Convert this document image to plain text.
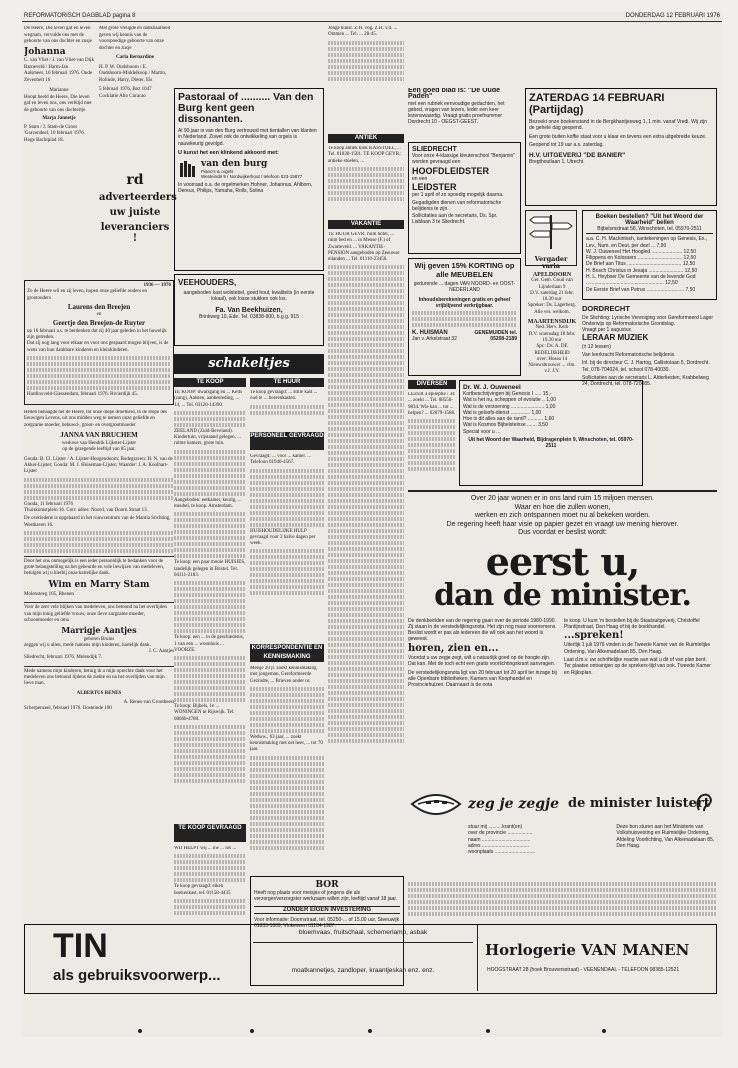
REFORMATORISCH DAGBLAD pagina 8	DONDERDAG 12 FEBRUARI 1976
De Heere, Die leven gaf en leven wegnam, vervulde ons met de geboorte van ons dochter en zusje
Johanna
C. van Vliet / J. van Vliet-van Dijk
Barneveld / Harm-Jan
Aalsmeer, 10 februari 1976. Oude Zevenbelt 16
Marianne
Hoopt beeld de Heere, Die leven gaf en leven ons, ons verblijd met de geboorte van ons dochtertje
Marja Jannetje
P. Stam / J. Stam-de Groot
'Gravendeel, 10 februari 1976. Hoge Bachtplad 18.
Met grote vreugde en dankbaarheid geven wij kennis van de voorspoedige geboorte van onze dochter en zusje
Carla Bernardine
H. P. W. Oudshoorn / E. Oudshoorn-Middelkoop / Martin, Rolinde, Harry, Dieter, Els
5 februari 1976, Boz 1047
Cocklatie Alto Curacao
rd
adverteerders
uw juiste
leveranciers !
1936 — 1976
Zo de Heere wil en zij leven, hopen onze geliefde ouders en grootouders
Laurens den Breejen
en
Geertje den Breejen-de Ruyter
op 16 februari a.s. te herdenken dat zij 40 jaar geleden in het huwelijk zijn getreden.
Dat zij nog lang voor elkaar en voor ons gespaard mogen blijven, is de wens van hun dankbare kinderen en kleinkinderen.
Hardinxveld-Giessendam, februari 1976. Rivierdijk 45.
Heden behaagde het de Heere, tot onze diepe droefheid, in de Hope des Eeuwigen Levens, uit ons midden weg te nemen onze geliefde en zorgzame moeder, behuwd-, groot- en overgrootmoeder
JANNA VAN BRUCHEM
weduwe van Hendrik Lijkster-Lijster
op de gezegende leeftijd van 85 jaar.
Gouda: B. Cl. Lijster / A. Lijster-Hoogendoorn; Bodegraven: H. N. van de Akker-Lijster; Gouda: M. J. Hoiseman-Lijster; Waarder: J. A. Koolhart-Lijster
Gouda, 11 februari 1976
Thuiskomstplein 16. Corr. adres: Noord, van Doorn Straat 13.
De overledene is opgebaard in het rouwcentrum van de Mantia Stichting, Westhaven 16.
Door het ons onmogelijk is een ieder persoonlijk te bedanken voor de grote belangstelling na het gebeurde en vele bewijzen van medeleven, betuigen wij u hierbij onze hartelijke dank.
Wim en Marry Stam
Molensteeg 105, Rhenen
Voor de zeer vele blijken van medeleven, ons betoond na het overlijden van mijn innig geliefde vrouw, onze lieve zorgzame moeder, schoonmoeder en oma
Marrigje Aantjes
geboren Bruins
zeggen wij u allen, mede namens mijn kinderen, hartelijk dank.
J. C. Aantjes
Sliedrecht, februari 1976. Molendijk 7.
Mede namens mijn kinderen, betuig ik u mijn oprechte dank voor het medeleven ons betoond tijdens de ziekte en na het overlijden van mijn lieve man.
ALBERTUS RENES
A. Renes-van Grootheest
Scherpenzeel, februari 1976. Oosteinde 100
Pastoraal of .......... Van den Burg kent geen dissonanten.
Al 90 jaar is van den Burg vertrouwd met tientallen van klanten in Nederland. Zowel ook de ontwikkeling van orgels is nauwkeurig gevolgd.
U kunst het een klinkend akkoord met:
van den burg
Piano's & orgels
Westeinde 9 / Nordwijkerhout / telefoon 023-15877
In voorraad o.a. de orgelmerken Hohner, Johannus, Ahlborn, Dereux, Philips, Yamaha, Rolls, Solina
VEEHOUDERS,
aangeboden kast wolstebel, goed hout, kwaliteits (in eerste lokaal), ook losse stukken ook los.
Fa. Van Beekhuizen,
Brinkweg 10, Ede. Tel. 03838-900, b.g.g. 915
schakeltjes
TE KOOP	TE HUUR
TE KOOP: dwarsgang en ... Kelts (zang), Aalsten, aanbesteding, ... 14, ... Tel. 03120-14390.
ZEELAND (Zuid-Beveland). Kindertuin, vrijstaand gelegen, ... ruime kamers, grote tuin.
Aangeboden: eetkamer, keurig, ... meubel, te koop. Amsterdam.
Te koop: een paar mooie HUISJES, landelijk gelegen in Boxtel. Tel. 04111-2183.
Te koop: een ... in de geschiedenis, 1 van een ... woonhuis ... VOORZE.
Te koop: Bijbels, 1e ... WONINGEN te Rijswijk. Tel. 08660-4780.
TE KOOP GEVRAAGD
WIJ HELPT wij ... uw ... los ...
Te koop gevraagd: eiken boekenkast, tel. 01158-4435
Te koop gevraagd: ... stille kast ... oud te ... boerenkasten.
PERSONEEL GEVRAAGD
Gevraagd: ... voor ... kamer. ... Telefoon 01940-4567.
HUISHOUDELIJKE HULP gevraagd voor 3 halve dagen per week.
KORRESPONDENTIE EN KENNISMAKING
Meisje 20 jr. zoekt kennismaking met jongeman, Gereformeerde Gezindte, ... Brieven onder nr.
Wedww., 63 jaar, ... zoekt kennismaking met net heer, ... tot 70 jaar.
BOR
Heeft nog plaats voor meisjes of jongens die als verzorger/verzorgster werkzaam willen zijn, leeftijd vanaf 18 jaar.
ZONDER EIGEN INVESTERING
Voor informatie: Doornstraat, tel. 05250-... of 15.00 uur, Steeuwijk 01833-1609, Vinkeveen 01184-1987.
Jonge kunst. Z.H. vog. Z.H. v.d. ... Ommen ... Tel. ... 28-45.
ANTIEK
Te koop antiek klok KASSTOEL, ... Tel. 01830-1501. TE KOOP GEVR.: antieke stoelen, ...
VAKANTIE
TE HUUR GEVR. ruim hotel, ... ruim bed en ... in Meuse (F.) of Zwarteveld. ... VAKANTIE-PENSION aangeboden op Zeeuwse eilanden ... Tel. 01110-23456.
Een goed blad is: "De Oude Paden"
met een rubriek eenvoudige gedachten, het gebed, vragen van lezers, leder een keer lezenswaardig. Vraagt gratis proefnummer Dordrecht 10 - OEGST-GEEST.
SLIEDRECHT
Voor onze 4-klassige kleuterschool "Benjamin" worden gevraagd een
HOOFDLEIDSTER
en een
LEIDSTER
per 1 april of zo spoedig mogelijk daarna.
Gegadigden dienen van reformatorische belijdenis te zijn.
Sollicitaties aan de secretaris, Ds. Spr. Lisblaan 3 te Sliedrecht.
Wij geven 15% KORTING op alle MEUBELEN
gedurende ... dagen VAN NOORD- en OOST-NEDERLAND
Inhoudsberekeningen gratis en geheel vrijblijvend verkrijgbaar.
K. HUISMAN
Jan v. Arkelstraat 32
GENEMUIDEN tel. 05208-2189
DIVERSEN
LEZER 3 epileptie / 34 ... zoekt ... Tel. 08550-9834. Wie kan ... tot ... helpen? ... 02079-1588.
Dr. W. J. Ouweneel
Kortbeschrijvingen bij Genesis I ..... 15,-
Wat is het nu, scheppen of evolutie .. 1,00
Wat is de verzoening ........................ 1,00
Wat is geloofs-dienst .............. 1,00
Hoe is dit alles aan de rand? ........... 1,60
Wat is Kosmos Bijbelsteinse ....... 3,50
Special voor u ...
Uit het Woord der Waarheid, Bijdragenplein 9, Winschoten, tel. 05970-2511
ZATERDAG 14 FEBRUARI
(Partijdag)
Bezoekt onze boekenstand in de Bergkhantjesweg 1, 1 min. vanaf Vredi. Wij zijn de gehele dag geopend.
Een grote buiten koffie staat voor u klaar en tevens een extra uitgebreide keuze.
Geopend tot 19 uur a.s. zaterdag.
H.V. UITGEVERIJ "DE BANIER"
Bregthoutlaan 1, Utrecht.
Vergader varia
Boeken bestellen? "Uit het Woord der Waarheid" bellen
Bijbelsmstraat 58, Winschoten, tel. 05970-2511
a.a. C. H. Mackintosh, kantekeningen op Genesis, Ex., Lev., Num. en Deut. per deel ... 7,90
W. J. Ouweneel Het Hoogled ...................... 12,50
Filippens en Kolossers ................................ 12,50
De Brief aan Titus ....................................... 12,50
H. Bosch Christus in Jesaja ......................... 12,50
H. L. Heyboer De Gemeente van de levende God ........................................................ 12,50
De Eerste Brief van Petrus ........................... 7,50
APELDOORN
Ger. Gem. Goud van Lijnderlaan 9
D.V. zaterdag 21 febr. 18.30 uur
Spreker: Ds. Lagerberg. Alle ver. welkom.
MAARTENSDIJK
Ned. Herv. Kerk
D.V. woensdag 18 febr. 19.30 uur
Spr.: Ds. A. DE REDELIJKHEID
over: Hosea 14
Nieuwsbrouwer ... vlm. v.J. J.Y.
DORDRECHT
De Stichting: Lyrische Vereniging voor Gereformeerd Lager Onderwijs op Reformatorische Grondslag.
Vraagt per 1 augustus
LERAAR MUZIEK
(± 12 lessen)
Van leerkracht Reformatorische belijdenis.
Inl. bij de directeur C. J. Hartog, Callistolaan 5, Dordrecht. Tel. 078-704024, tel. school 078-40030.
Sollicitaties aan de secretaris L. Alderliesten, Krabbelweg 24, Dordrecht, tel. 078-720085.
Over 20 jaar wonen er in ons land ruim 15 miljoen mensen.
Waar en hoe die zullen wonen,
werken en zich ontspannen moet nu al bekeken worden.
De regering heeft haar visie op papier gezet en vraagt uw mening hierover.
Dus voordat er beslist wordt:
eerst u,
dan de minister.
De denkbeelden van de regering gaan over de periode 1980-1990. Zij staan in de verstedelijkingsnota. Het zijn nog maar voornemens. Beslist wordt er pas als iedereen die wil ook aan het woord is geweest.
horen, zien en...
Voordat u uw zegje zegt, wilt u natuurlijk goed op de hoogte zijn. Dat kan. Met de toch echt een gratis voorlichtingskrant aanvragen.
De verstedelijkingsnota ligt van 20 februari tot 20 april ter inzage bij alle Openbare bibliotheken, Kamers van Koophandel en Provinciehuizen. Daarnaast is de nota
te koop. U kunt 'm bestellen bij de Staatsuitgeverij, Christoffel Plantijnstraat, Den Haag of bij de boekhandel.
...spreken!
Uiterlijk 1 juli 1976 vinden in de Tweede Kamer van de Ruimtelijke Ordening, Van Alkemadelaan 85, Den Haag.
Laat d.m.v. uw schriftelijke reactie aan wat u dit of van plan bent. Ter plaatse ontvangen op de sprekers-tijd van ook. Tweede Kamer en Rijksplan.
zeg je zegje de minister luistert
stuur mij ..........krant(en)
over de provincie ..................
naam ...................................
adres ..................................
woonplaats .............................
Deze bon sturen aan het Ministerie van Volkshuisvesting en Ruimtelijke Ordening, Afdeling Voorlichting, Van Alkemadelaan 85, Den Haag.
TIN
als gebruiksvoorwerp...
bloemvaas, fruitschaal, schemerlamp, asbak
moatkannetjes, zandloper, kraantjeskan enz. enz.
Horlogerie VAN MANEN
HOOGSTRAAT 28 (hoek Brouwersstraat) - VEENENDAAL - TELEFOON 08385-12521
